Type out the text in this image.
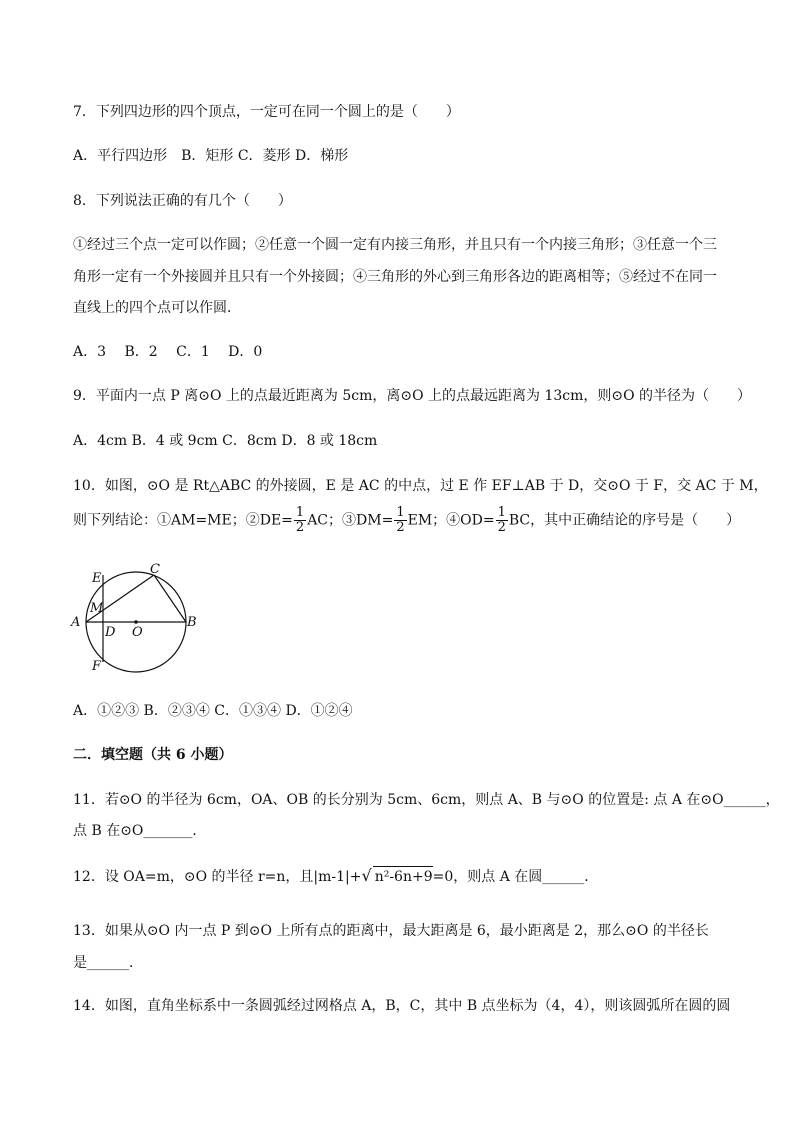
7．下列四边形的四个顶点，一定可在同一个圆上的是（　　）
A．平行四边形　B．矩形 C．菱形 D．梯形
8．下列说法正确的有几个（　　）
①经过三个点一定可以作圆；②任意一个圆一定有内接三角形，并且只有一个内接三角形；③任意一个三
角形一定有一个外接圆并且只有一个外接圆；④三角形的外心到三角形各边的距离相等；⑤经过不在同一
直线上的四个点可以作圆．
A．3　 B．2　 C．1　 D．0
9．平面内一点 P 离⊙O 上的点最近距离为 5cm，离⊙O 上的点最远距离为 13cm，则⊙O 的半径为（　　）
A．4cm B．4 或 9cm C．8cm D．8 或 18cm
10．如图，⊙O 是 Rt△ABC 的外接圆，E 是 AC 的中点，过 E 作 EF⊥AB 于 D，交⊙O 于 F，交 AC 于 M，
则下列结论：①AM=ME；②DE= $\frac{1}{2}$ AC；③DM= $\frac{1}{2}$ EM；④OD= $\frac{1}{2}$ BC，其中正确结论的序号是（　　）
E
C
M
A
D O
B
F
A．①②③ B．②③④ C．①③④ D．①②④
二．填空题（共 6 小题）
11．若⊙O 的半径为 6cm，OA、OB 的长分别为 5cm、6cm，则点 A、B 与⊙O 的位置是: 点 A 在⊙O______，
点 B 在⊙O_______．
12．设 OA=m，⊙O 的半径 r=n，且|m-1|+√ n²-6n+9=0，则点 A 在圆______．
13．如果从⊙O 内一点 P 到⊙O 上所有点的距离中，最大距离是 6，最小距离是 2，那么⊙O 的半径长
是______．
14．如图，直角坐标系中一条圆弧经过网格点 A，B，C，其中 B 点坐标为（4，4），则该圆弧所在圆的圆
